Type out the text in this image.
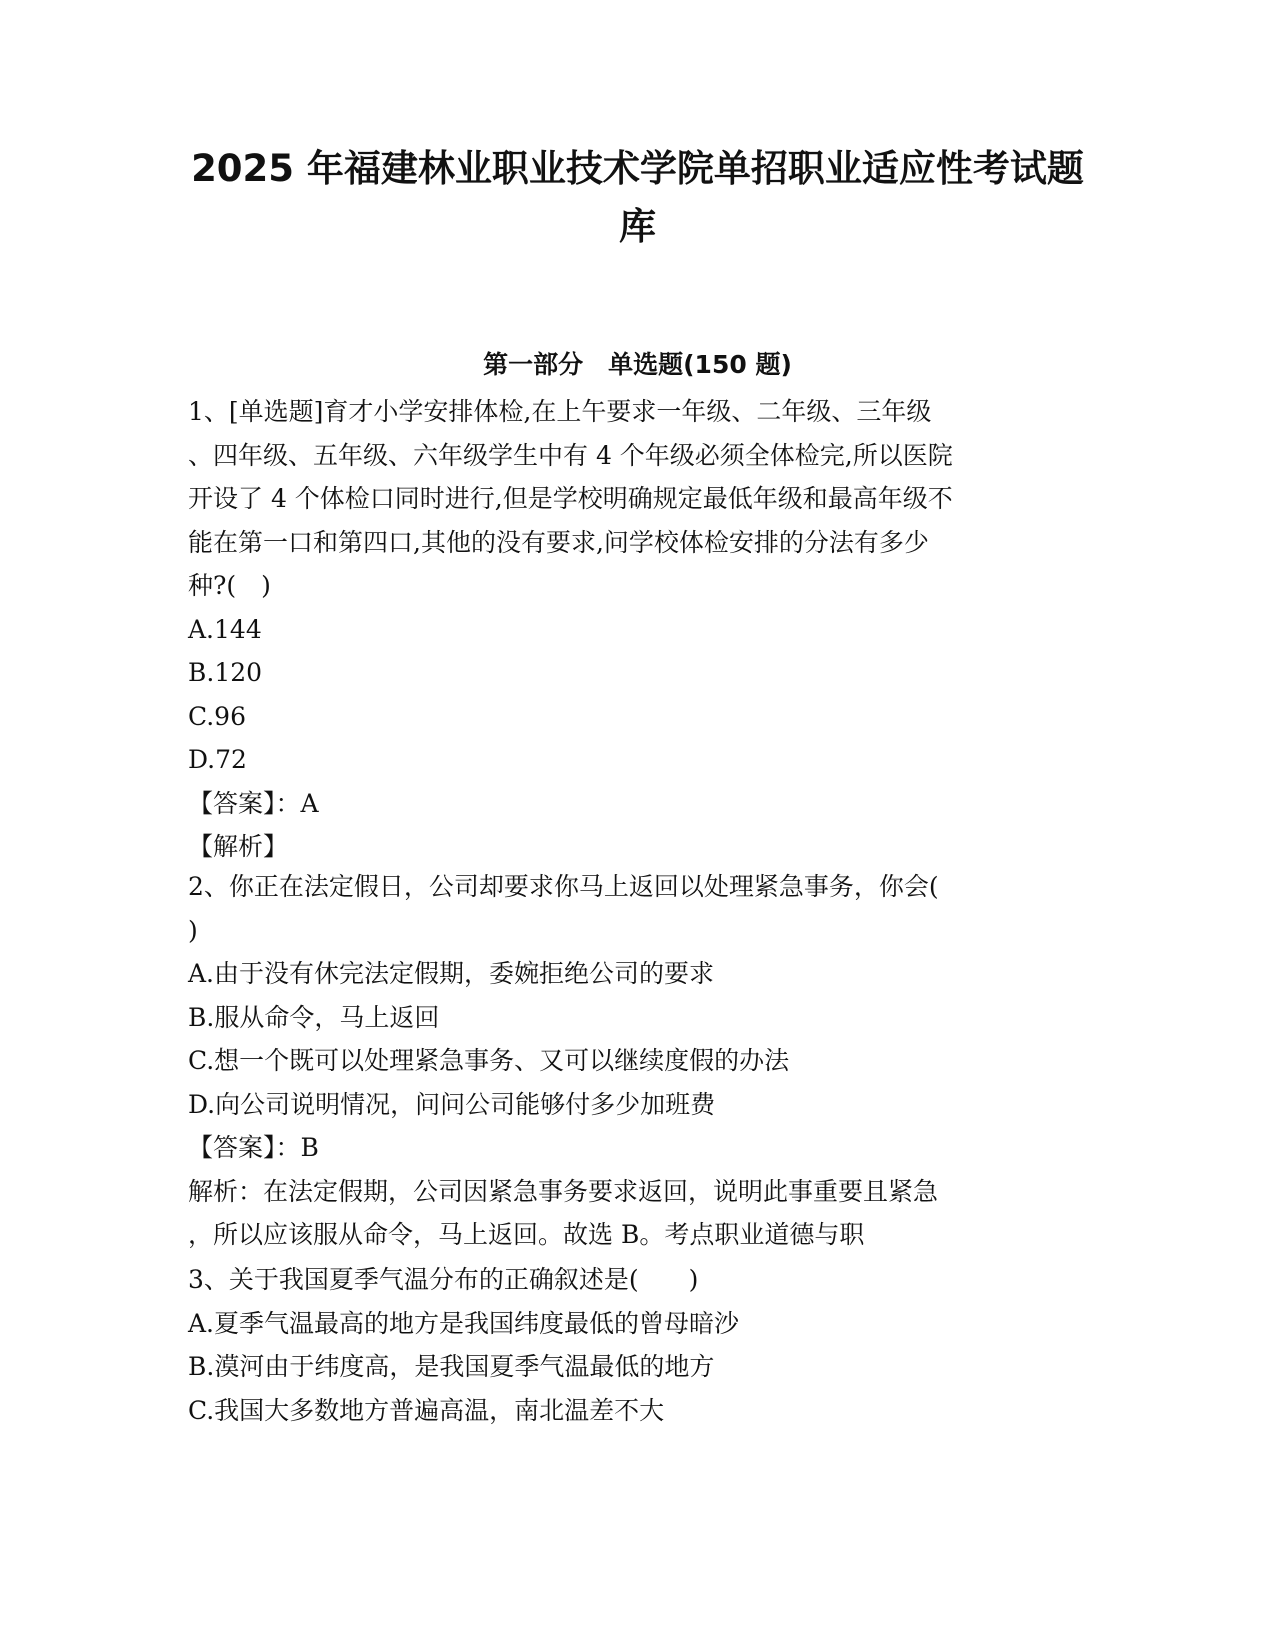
2025 年福建林业职业技术学院单招职业适应性考试题
库
第一部分　单选题(150 题)
1、[单选题]育才小学安排体检,在上午要求一年级、二年级、三年级
、四年级、五年级、六年级学生中有 4 个年级必须全体检完,所以医院
开设了 4 个体检口同时进行,但是学校明确规定最低年级和最高年级不
能在第一口和第四口,其他的没有要求,问学校体检安排的分法有多少
种?(　)
A.144
B.120
C.96
D.72
【答案】：A
【解析】
2、你正在法定假日，公司却要求你马上返回以处理紧急事务，你会(
)
A.由于没有休完法定假期，委婉拒绝公司的要求
B.服从命令，马上返回
C.想一个既可以处理紧急事务、又可以继续度假的办法
D.向公司说明情况，问问公司能够付多少加班费
【答案】：B
解析：在法定假期，公司因紧急事务要求返回，说明此事重要且紧急
，所以应该服从命令，马上返回。故选 B。考点职业道德与职
3、关于我国夏季气温分布的正确叙述是(　　)
A.夏季气温最高的地方是我国纬度最低的曾母暗沙
B.漠河由于纬度高，是我国夏季气温最低的地方
C.我国大多数地方普遍高温，南北温差不大
